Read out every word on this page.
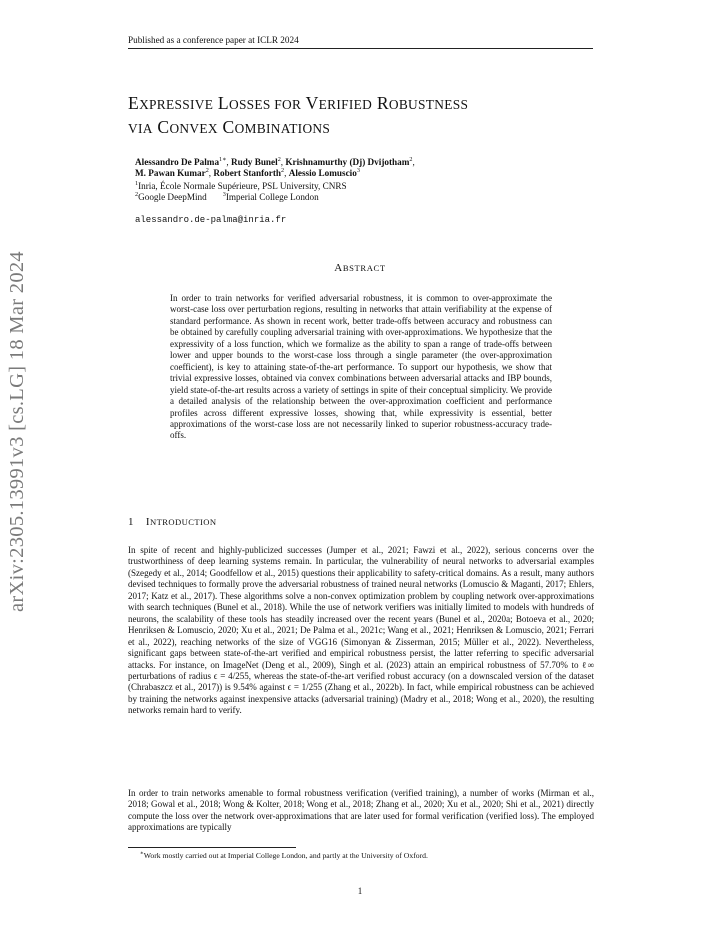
Published as a conference paper at ICLR 2024
EXPRESSIVE LOSSES FOR VERIFIED ROBUSTNESS
VIA CONVEX COMBINATIONS
Alessandro De Palma$^{1∗}$, Rudy Bunel$^2$, Krishnamurthy (Dj) Dvijotham$^2$,
M. Pawan Kumar$^2$, Robert Stanforth$^2$, Alessio Lomuscio$^3$

$^1$Inria, École Normale Supérieure, PSL University, CNRS

$^2$Google DeepMind	$^3$Imperial College London

alessandro.de-palma@inria.fr
ABSTRACT
In order to train networks for verified adversarial robustness, it is common to over-approximate the worst-case loss over perturbation regions, resulting in networks that attain verifiability at the expense of standard performance. As shown in recent work, better trade-offs between accuracy and robustness can be obtained by carefully coupling adversarial training with over-approximations. We hypothesize that the expressivity of a loss function, which we formalize as the ability to span a range of trade-offs between lower and upper bounds to the worst-case loss through a single parameter (the over-approximation coefficient), is key to attaining state-of-the-art performance. To support our hypothesis, we show that trivial expressive losses, obtained via convex combinations between adversarial attacks and IBP bounds, yield state-of-the-art results across a variety of settings in spite of their conceptual simplicity. We provide a detailed analysis of the relationship between the over-approximation coefficient and performance profiles across different expressive losses, showing that, while expressivity is essential, better approximations of the worst-case loss are not necessarily linked to superior robustness-accuracy trade-offs.
1 INTRODUCTION
In spite of recent and highly-publicized successes (Jumper et al., 2021; Fawzi et al., 2022), serious concerns over the trustworthiness of deep learning systems remain. In particular, the vulnerability of neural networks to adversarial examples (Szegedy et al., 2014; Goodfellow et al., 2015) questions their applicability to safety-critical domains. As a result, many authors devised techniques to formally prove the adversarial robustness of trained neural networks (Lomuscio & Maganti, 2017; Ehlers, 2017; Katz et al., 2017). These algorithms solve a non-convex optimization problem by coupling network over-approximations with search techniques (Bunel et al., 2018). While the use of network verifiers was initially limited to models with hundreds of neurons, the scalability of these tools has steadily increased over the recent years (Bunel et al., 2020a; Botoeva et al., 2020; Henriksen & Lomuscio, 2020; Xu et al., 2021; De Palma et al., 2021c; Wang et al., 2021; Henriksen & Lomuscio, 2021; Ferrari et al., 2022), reaching networks of the size of VGG16 (Simonyan & Zisserman, 2015; Müller et al., 2022). Nevertheless, significant gaps between state-of-the-art verified and empirical robustness persist, the latter referring to specific adversarial attacks. For instance, on ImageNet (Deng et al., 2009), Singh et al. (2023) attain an empirical robustness of 57.70% to ℓ∞ perturbations of radius ϵ = 4/255, whereas the state-of-the-art verified robust accuracy (on a downscaled version of the dataset (Chrabaszcz et al., 2017)) is 9.54% against ϵ = 1/255 (Zhang et al., 2022b). In fact, while empirical robustness can be achieved by training the networks against inexpensive attacks (adversarial training) (Madry et al., 2018; Wong et al., 2020), the resulting networks remain hard to verify.
In order to train networks amenable to formal robustness verification (verified training), a number of works (Mirman et al., 2018; Gowal et al., 2018; Wong & Kolter, 2018; Wong et al., 2018; Zhang et al., 2020; Xu et al., 2020; Shi et al., 2021) directly compute the loss over the network over-approximations that are later used for formal verification (verified loss). The employed approximations are typically
∗Work mostly carried out at Imperial College London, and partly at the University of Oxford.
1
arXiv:2305.13991v3 [cs.LG] 18 Mar 2024
